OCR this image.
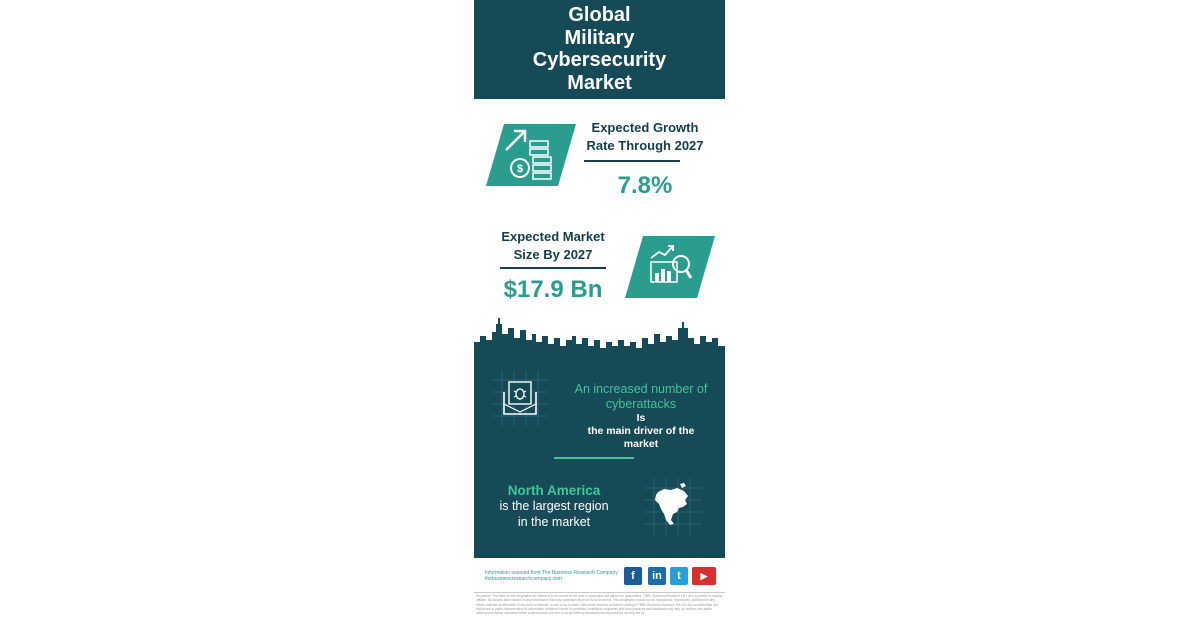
Global
Military
Cybersecurity
Market
$
Expected Growth
Rate Through 2027
7.8%
Expected Market
Size By 2027
$17.9 Bn
An increased number of
cyberattacks
Is
the main driver of the
market
North America
is the largest region
in the market
Information sourced from The Business Research Company
thebusinessresearchcompany.com	f	in	t	▶
Disclaimer: The facts of this infographic are believed to be correct at the time of publication but cannot be guaranteed. TBRC Business Research Pvt Ltd is a private no-trading affiliate. No actions taken based on any information that may subsequently prove to be incorrect. This infographic should not be reproduced, reproduced, published in any media, website or otherwise, in any form or manner, in part or as a whole, without the express consent in writing of TBRC Business Research Pvt Ltd. Any unauthorized use, disclosure or public dissemination of information contained herein is prohibited. Individual companies and local practices and standards may vary, so reviews and tallies utilizing information contained within a presentation are free to adopt differing standards and approaches as they see fit.
